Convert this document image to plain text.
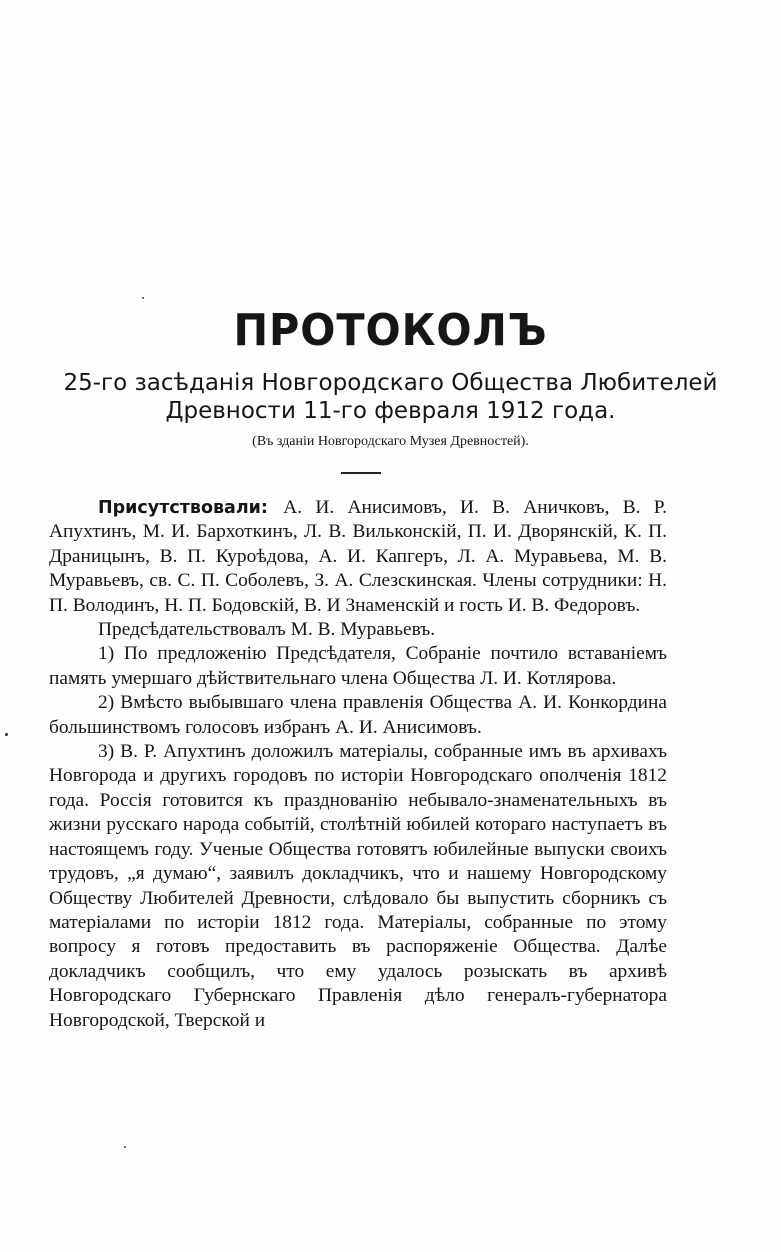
ПРОТОКОЛЪ

25-го засѣданія Новгородскаго Общества Любителей

Древности 11-го февраля 1912 года.

(Въ зданіи Новгородскаго Музея Древностей).

Присутствовали: А. И. Анисимовъ, И. В. Аничковъ, В. Р. Апухтинъ, М. И. Бархоткинъ, Л. В. Вильконскій, П. И. Дворянскій, К. П. Драницынъ, В. П. Куроѣдова, А. И. Капгеръ, Л. А. Муравьева, М. В. Муравьевъ, св. С. П. Соболевъ, З. А. Слезскинская. Члены сотрудники: Н. П. Володинъ, Н. П. Бодовскій, В. И Знаменскій и гость И. В. Федоровъ.

Предсѣдательствовалъ М. В. Муравьевъ.

1) По предложенію Предсѣдателя, Собраніе почтило вставаніемъ память умершаго дѣйствительнаго члена Общества Л. И. Котлярова.

2) Вмѣсто выбывшаго члена правленія Общества А. И. Конкордина большинствомъ голосовъ избранъ А. И. Анисимовъ.

3) В. Р. Апухтинъ доложилъ матеріалы, собранные имъ въ архивахъ Новгорода и другихъ городовъ по исторіи Новгородскаго ополченія 1812 года. Россія готовится къ празднованію небывало-знаменательныхъ въ жизни русскаго народа событій, столѣтній юбилей котораго наступаетъ въ настоящемъ году. Ученые Общества готовятъ юбилейные выпуски своихъ трудовъ, „я думаю“, заявилъ докладчикъ, что и нашему Новгородскому Обществу Любителей Древности, слѣдовало бы выпустить сборникъ съ матеріалами по исторіи 1812 года. Матеріалы, собранные по этому вопросу я готовъ предоставить въ распоряженіе Общества. Далѣе докладчикъ сообщилъ, что ему удалось розыскать въ архивѣ Новгородскаго Губернскаго Правленія дѣло генералъ-губернатора Новгородской, Тверской и
